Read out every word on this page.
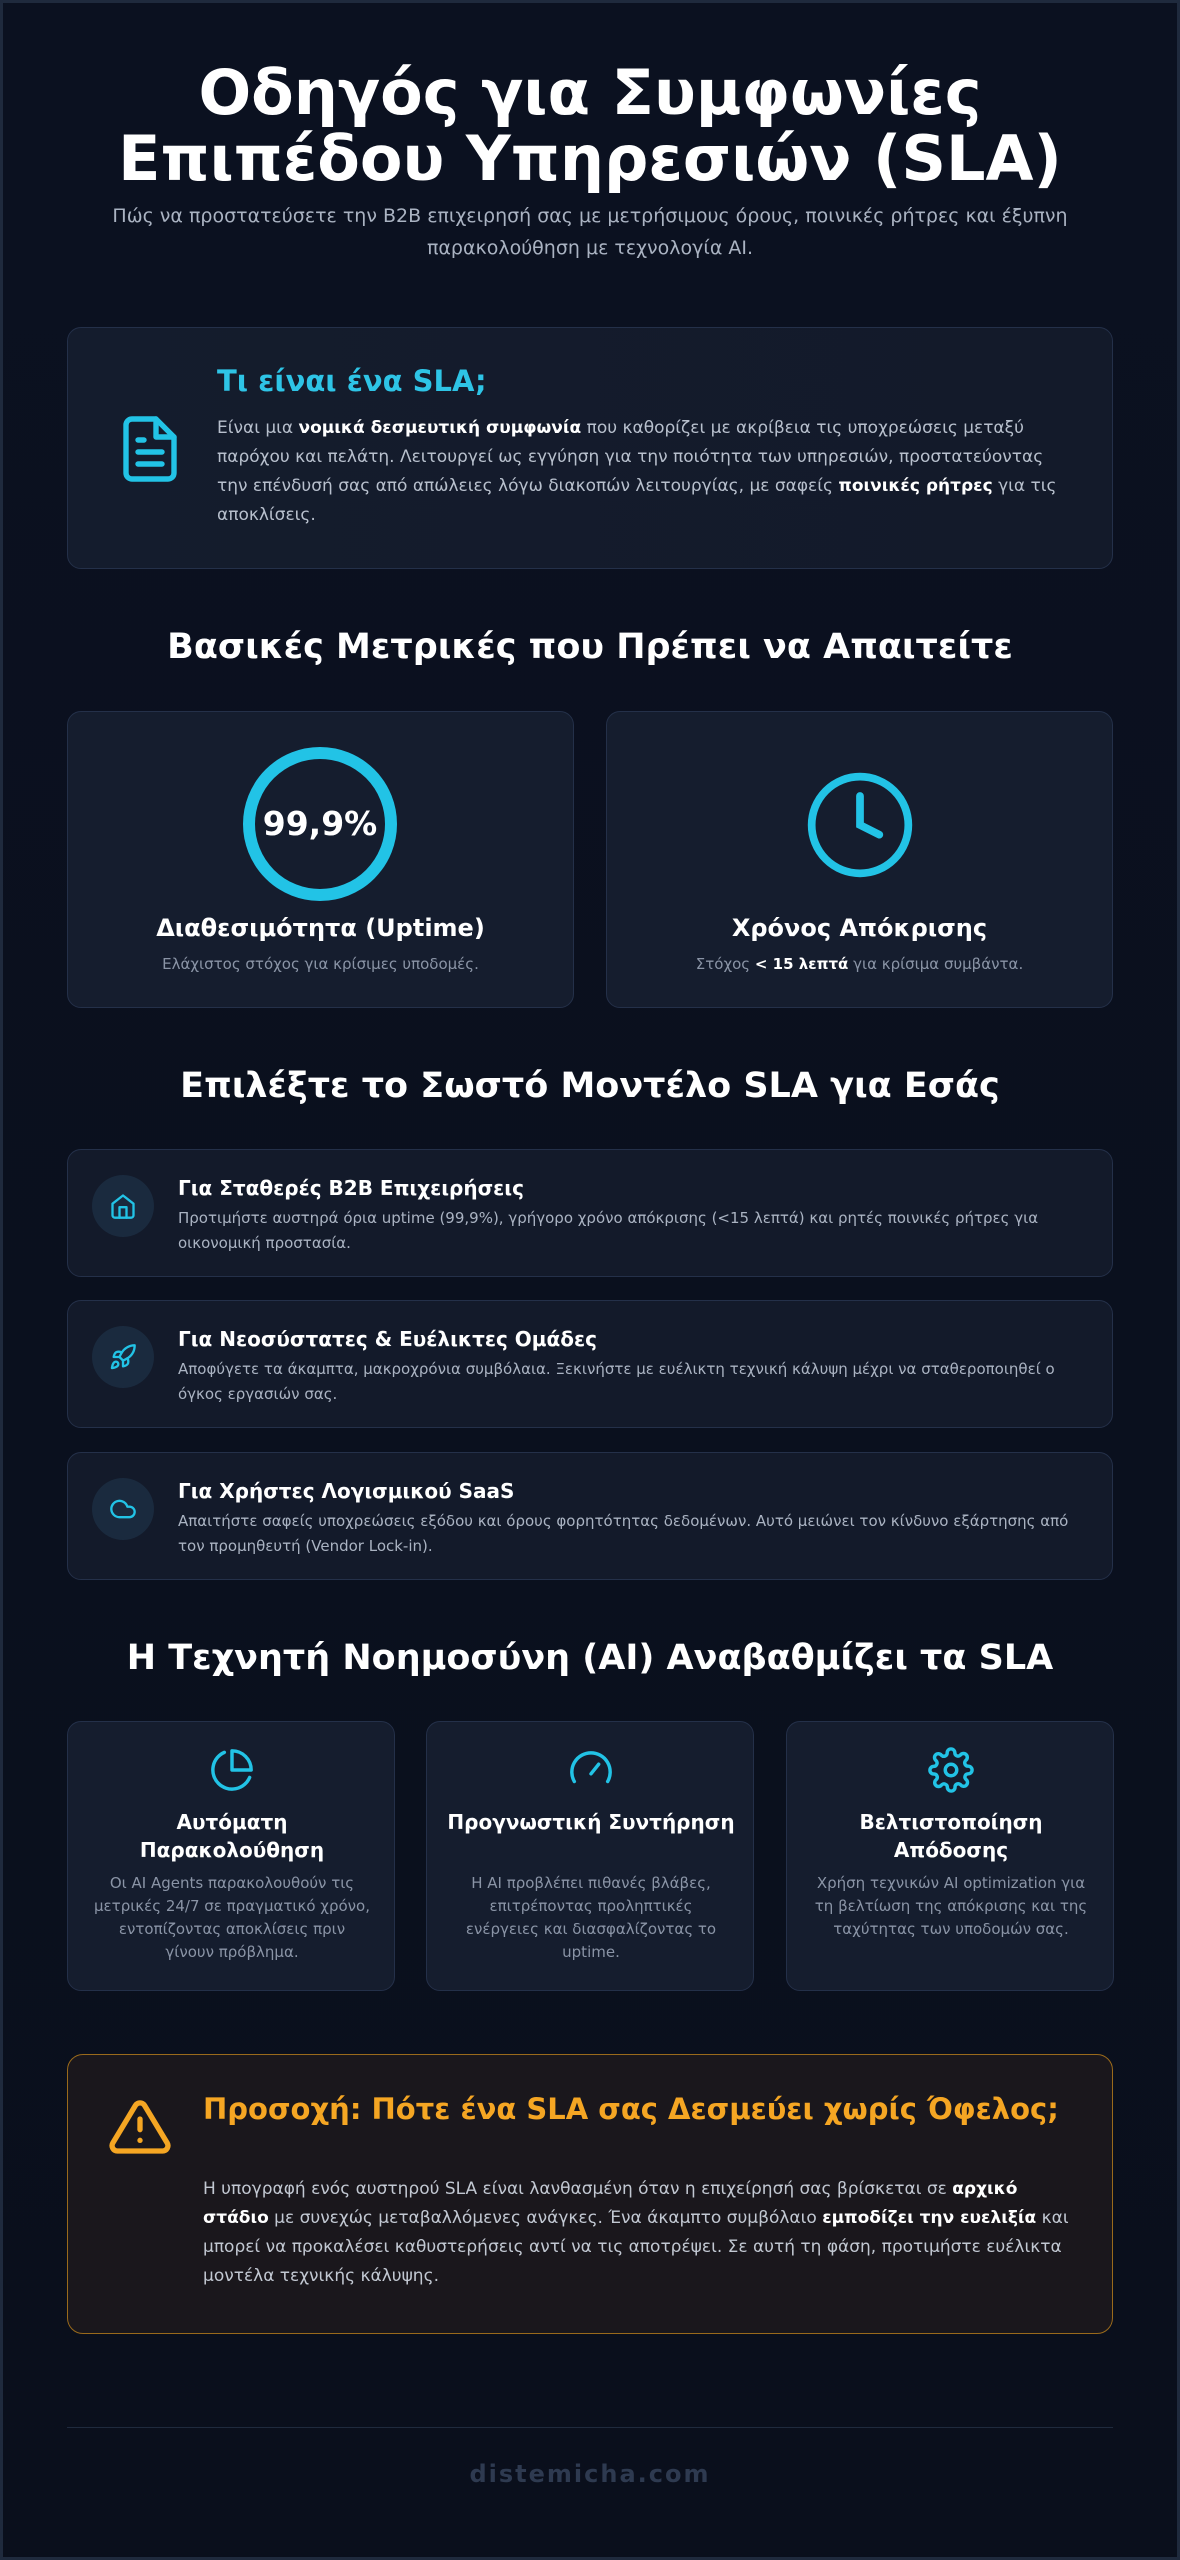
Οδηγός για Συμφωνίες
Επιπέδου Υπηρεσιών (SLA)
Πώς να προστατεύσετε την B2B επιχειρησή σας με μετρήσιμους όρους, ποινικές ρήτρες και έξυπνη παρακολούθηση με τεχνολογία AI.
Τι είναι ένα SLA;

Είναι μια νομικά δεσμευτική συμφωνία που καθορίζει με ακρίβεια τις υποχρεώσεις μεταξύ παρόχου και πελάτη. Λειτουργεί ως εγγύηση για την ποιότητα των υπηρεσιών, προστατεύοντας την επένδυσή σας από απώλειες λόγω διακοπών λειτουργίας, με σαφείς ποινικές ρήτρες για τις αποκλίσεις.

Βασικές Μετρικές που Πρέπει να Απαιτείτε
99,9%
Διαθεσιμότητα (Uptime)
Ελάχιστος στόχος για κρίσιμες υποδομές.
Χρόνος Απόκρισης
Στόχος < 15 λεπτά για κρίσιμα συμβάντα.
Επιλέξτε το Σωστό Μοντέλο SLA για Εσάς
Για Σταθερές B2B Επιχειρήσεις

Προτιμήστε αυστηρά όρια uptime (99,9%), γρήγορο χρόνο απόκρισης (<15 λεπτά) και ρητές ποινικές ρήτρες για οικονομική προστασία.

Για Νεοσύστατες & Ευέλικτες Ομάδες

Αποφύγετε τα άκαμπτα, μακροχρόνια συμβόλαια. Ξεκινήστε με ευέλικτη τεχνική κάλυψη μέχρι να σταθεροποιηθεί ο όγκος εργασιών σας.

Για Χρήστες Λογισμικού SaaS

Απαιτήστε σαφείς υποχρεώσεις εξόδου και όρους φορητότητας δεδομένων. Αυτό μειώνει τον κίνδυνο εξάρτησης από τον προμηθευτή (Vendor Lock-in).

Η Τεχνητή Νοημοσύνη (AI) Αναβαθμίζει τα SLA
Αυτόματη Παρακολούθηση

Οι AI Agents παρακολουθούν τις μετρικές 24/7 σε πραγματικό χρόνο, εντοπίζοντας αποκλίσεις πριν γίνουν πρόβλημα.

Προγνωστική Συντήρηση

Η AI προβλέπει πιθανές βλάβες, επιτρέποντας προληπτικές ενέργειες και διασφαλίζοντας το uptime.

Βελτιστοποίηση Απόδοσης

Χρήση τεχνικών AI optimization για τη βελτίωση της απόκρισης και της ταχύτητας των υποδομών σας.

Προσοχή: Πότε ένα SLA σας Δεσμεύει χωρίς Όφελος;

Η υπογραφή ενός αυστηρού SLA είναι λανθασμένη όταν η επιχείρησή σας βρίσκεται σε αρχικό στάδιο με συνεχώς μεταβαλλόμενες ανάγκες. Ένα άκαμπτο συμβόλαιο εμποδίζει την ευελιξία και μπορεί να προκαλέσει καθυστερήσεις αντί να τις αποτρέψει. Σε αυτή τη φάση, προτιμήστε ευέλικτα μοντέλα τεχνικής κάλυψης.

distemicha.com
